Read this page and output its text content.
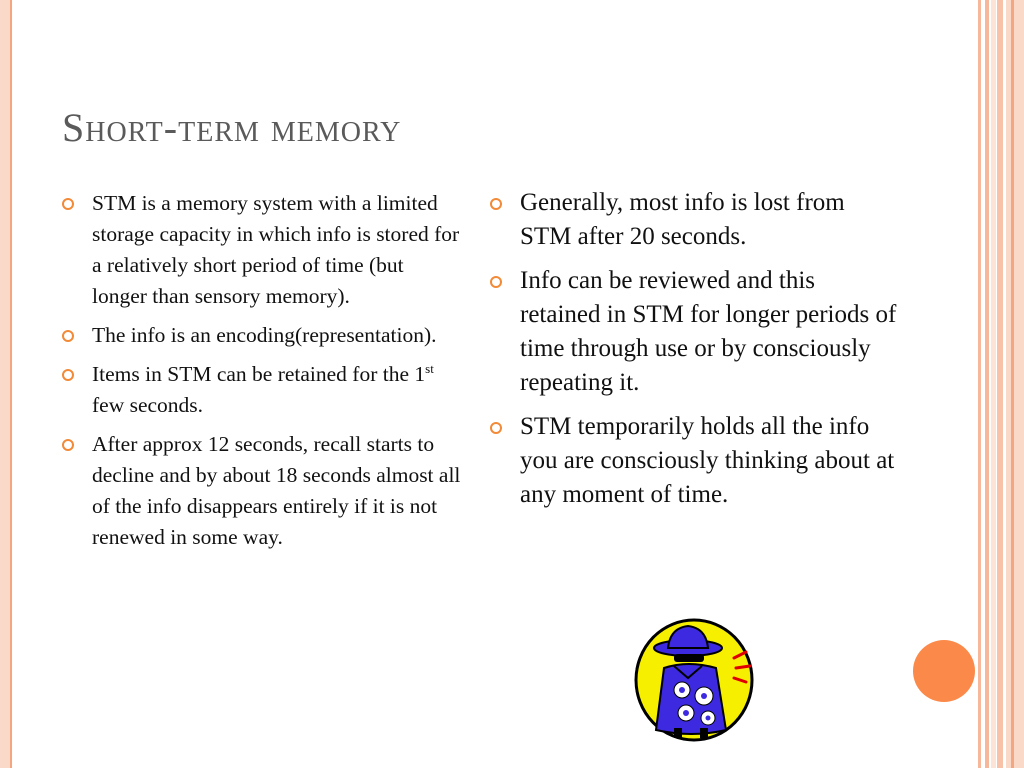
Short-term memory
STM is a memory system with a limited storage capacity in which info is stored for a relatively short period of time (but longer than sensory memory).
The info is an encoding(representation).
Items in STM can be retained for the 1st few seconds.
After approx 12 seconds, recall starts to decline and by about 18 seconds almost all of the info disappears entirely if it is not renewed in some way.
Generally, most info is lost from STM after 20 seconds.
Info can be reviewed and this retained in STM for longer periods of time through use or by consciously repeating it.
STM temporarily holds all the info you are consciously thinking about at any moment of time.
